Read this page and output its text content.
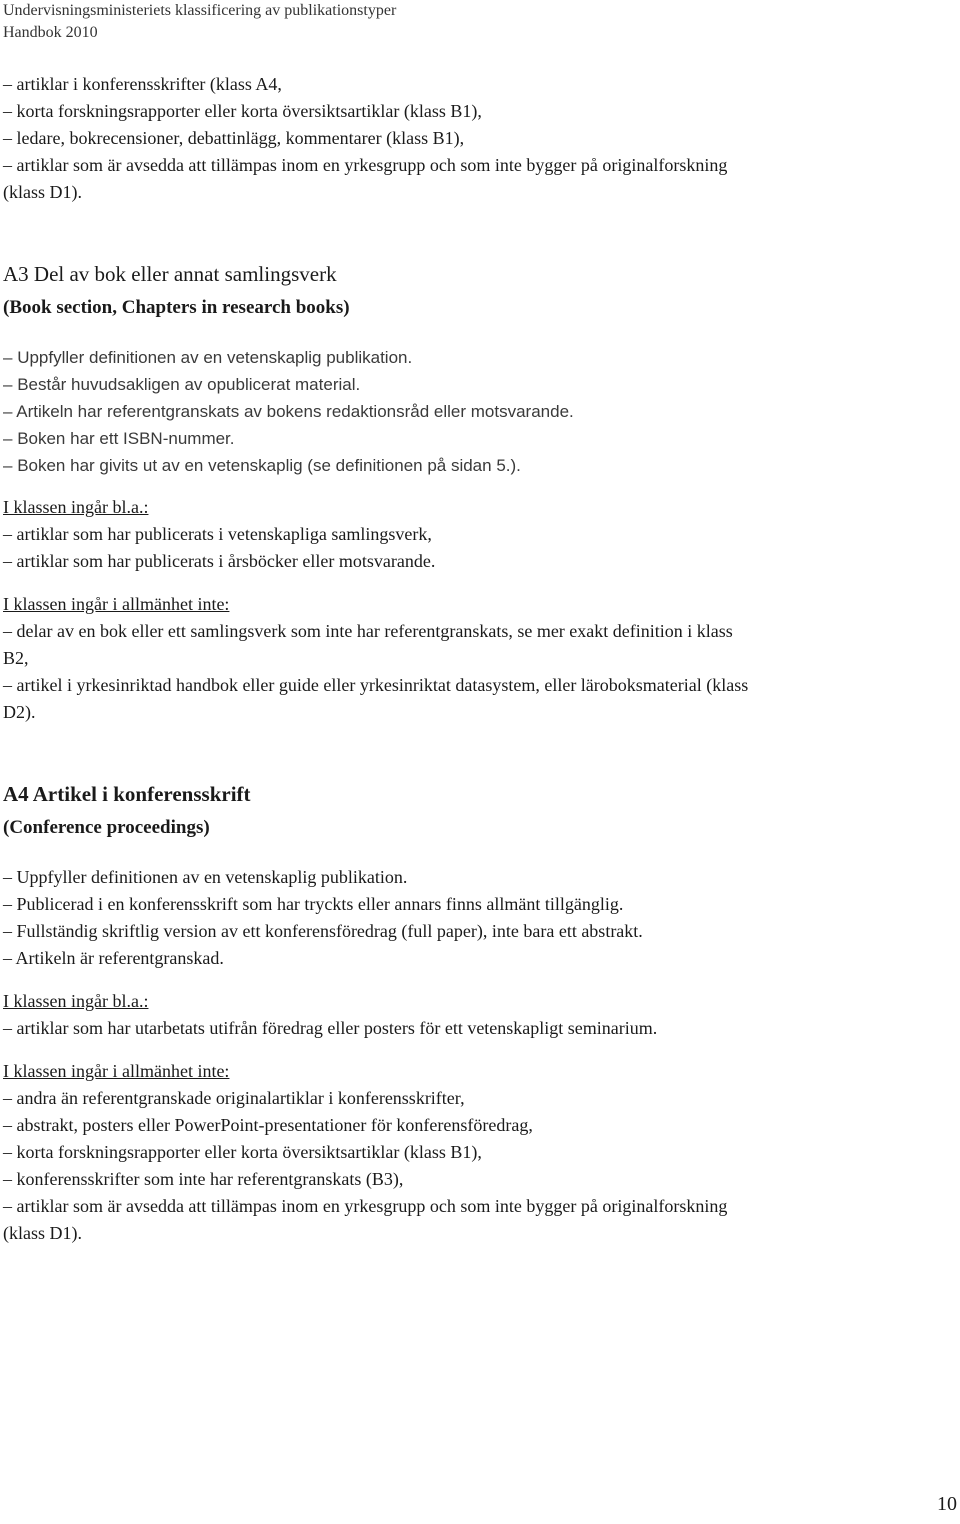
Undervisningsministeriets klassificering av publikationstyper
Handbok 2010

– artiklar i konferensskrifter (klass A4,

– korta forskningsrapporter eller korta översiktsartiklar (klass B1),

– ledare, bokrecensioner, debattinlägg, kommentarer (klass B1),

– artiklar som är avsedda att tillämpas inom en yrkesgrupp och som inte bygger på originalforskning

(klass D1).

A3 Del av bok eller annat samlingsverk
(Book section, Chapters in research books)

– Uppfyller definitionen av en vetenskaplig publikation.

– Består huvudsakligen av opublicerat material.

– Artikeln har referentgranskats av bokens redaktionsråd eller motsvarande.

– Boken har ett ISBN-nummer.

– Boken har givits ut av en vetenskaplig (se definitionen på sidan 5.).

I klassen ingår bl.a.:

– artiklar som har publicerats i vetenskapliga samlingsverk,

– artiklar som har publicerats i årsböcker eller motsvarande.

I klassen ingår i allmänhet inte:

– delar av en bok eller ett samlingsverk som inte har referentgranskats, se mer exakt definition i klass

B2,

– artikel i yrkesinriktad handbok eller guide eller yrkesinriktat datasystem, eller läroboksmaterial (klass

D2).

A4 Artikel i konferensskrift
(Conference proceedings)

– Uppfyller definitionen av en vetenskaplig publikation.

– Publicerad i en konferensskrift som har tryckts eller annars finns allmänt tillgänglig.

– Fullständig skriftlig version av ett konferensföredrag (full paper), inte bara ett abstrakt.

– Artikeln är referentgranskad.

I klassen ingår bl.a.:

– artiklar som har utarbetats utifrån föredrag eller posters för ett vetenskapligt seminarium.

I klassen ingår i allmänhet inte:

– andra än referentgranskade originalartiklar i konferensskrifter,

– abstrakt, posters eller PowerPoint-presentationer för konferensföredrag,

– korta forskningsrapporter eller korta översiktsartiklar (klass B1),

– konferensskrifter som inte har referentgranskats (B3),

– artiklar som är avsedda att tillämpas inom en yrkesgrupp och som inte bygger på originalforskning

(klass D1).

10
